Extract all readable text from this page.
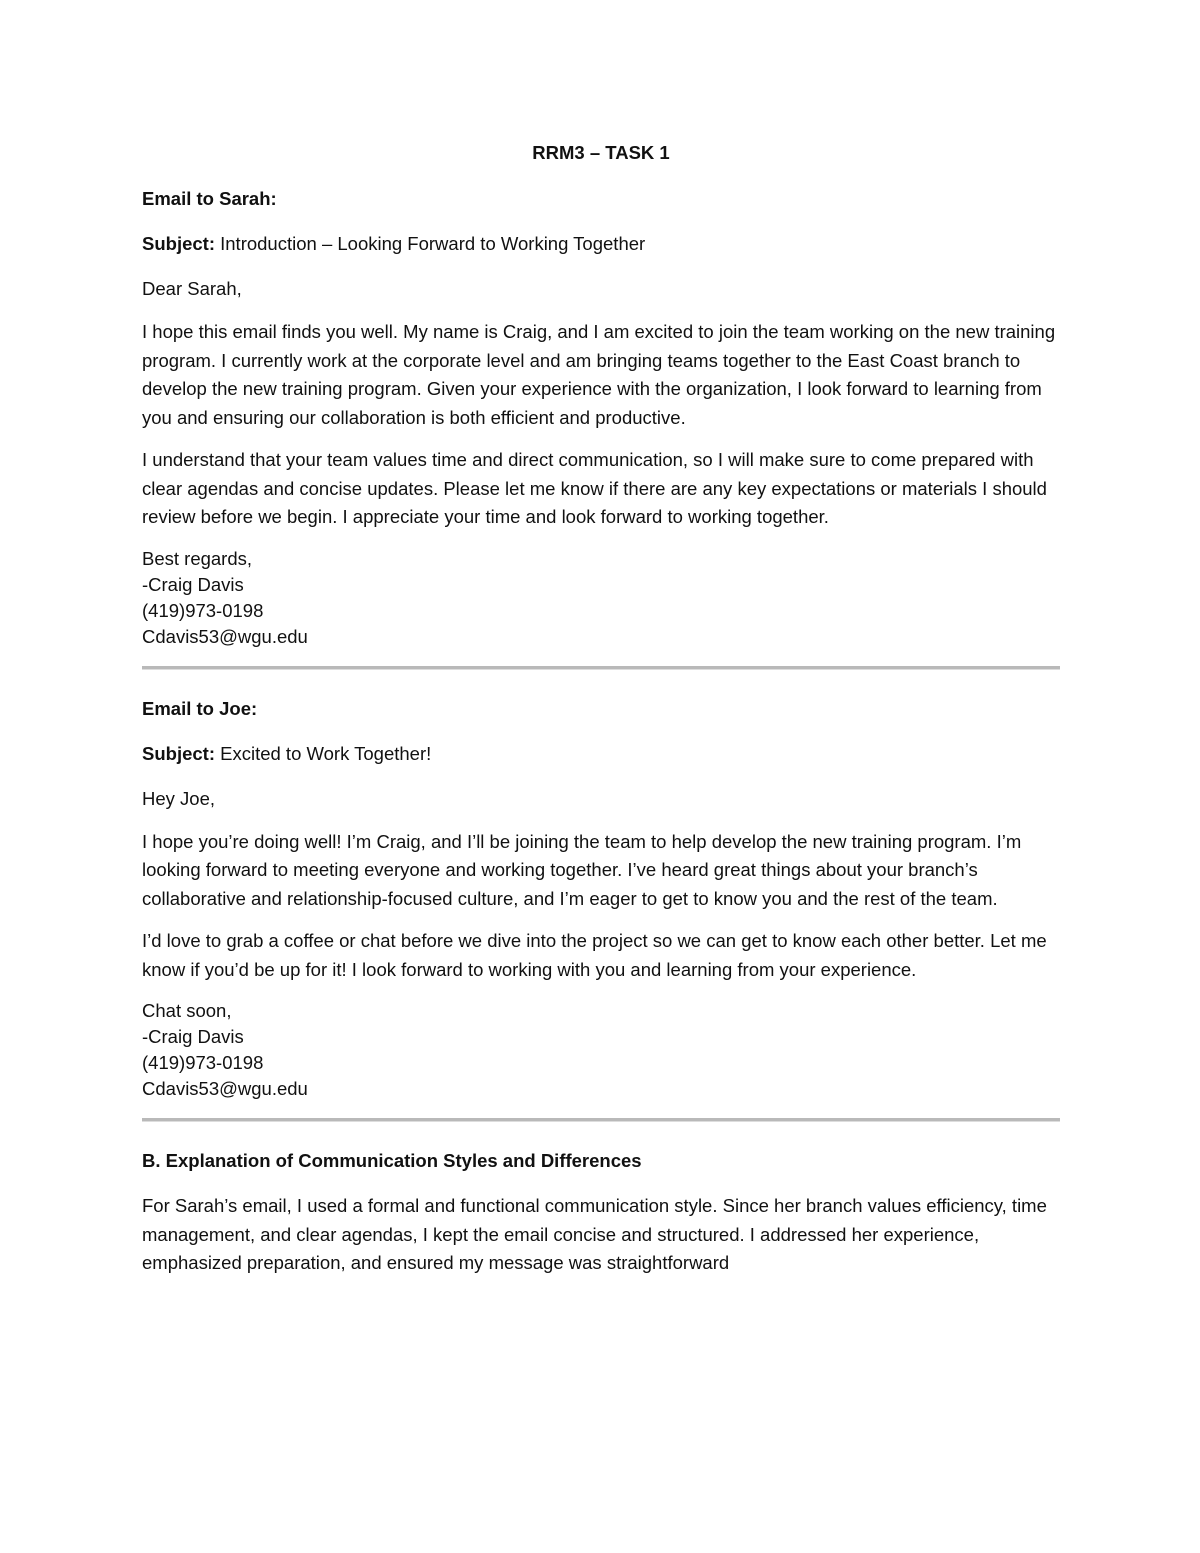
RRM3 – TASK 1
Email to Sarah:
Subject: Introduction – Looking Forward to Working Together
Dear Sarah,

I hope this email finds you well. My name is Craig, and I am excited to join the team working on the new training program. I currently work at the corporate level and am bringing teams together to the East Coast branch to develop the new training program. Given your experience with the organization, I look forward to learning from you and ensuring our collaboration is both efficient and productive.

I understand that your team values time and direct communication, so I will make sure to come prepared with clear agendas and concise updates. Please let me know if there are any key expectations or materials I should review before we begin. I appreciate your time and look forward to working together.

Best regards,
-Craig Davis
(419)973-0198
Cdavis53@wgu.edu
Email to Joe:
Subject: Excited to Work Together!
Hey Joe,

I hope you’re doing well! I’m Craig, and I’ll be joining the team to help develop the new training program. I’m looking forward to meeting everyone and working together. I’ve heard great things about your branch’s collaborative and relationship-focused culture, and I’m eager to get to know you and the rest of the team.

I’d love to grab a coffee or chat before we dive into the project so we can get to know each other better. Let me know if you’d be up for it! I look forward to working with you and learning from your experience.

Chat soon,
-Craig Davis
(419)973-0198
Cdavis53@wgu.edu
B. Explanation of Communication Styles and Differences

For Sarah’s email, I used a formal and functional communication style. Since her branch values efficiency, time management, and clear agendas, I kept the email concise and structured. I addressed her experience, emphasized preparation, and ensured my message was straightforward
